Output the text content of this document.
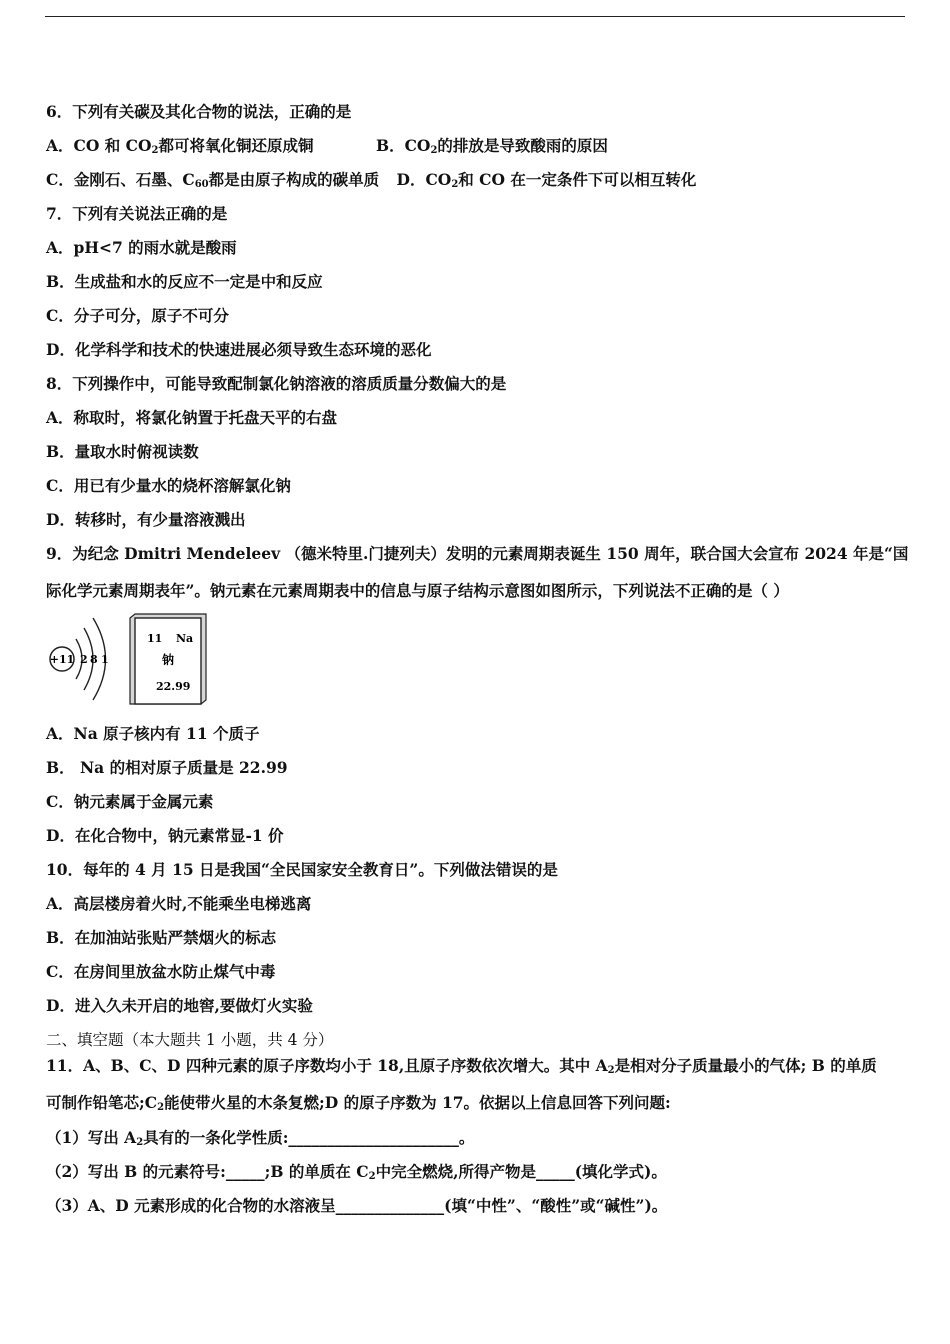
6．下列有关碳及其化合物的说法，正确的是
A．CO 和 $CO_2$都可将氧化铜还原成铜	B．$CO_2$的排放是导致酸雨的原因
C．金刚石、石墨、$C_{60}$都是由原子构成的碳单质 D．$CO_2$和 CO 在一定条件下可以相互转化
7．下列有关说法正确的是
A．pH<7 的雨水就是酸雨
B．生成盐和水的反应不一定是中和反应
C．分子可分，原子不可分
D．化学科学和技术的快速进展必须导致生态环境的恶化
8．下列操作中，可能导致配制氯化钠溶液的溶质质量分数偏大的是
A．称取时，将氯化钠置于托盘天平的右盘
B．量取水时俯视读数
C．用已有少量水的烧杯溶解氯化钠
D．转移时，有少量溶液溅出
9．为纪念 Dmitri Mendeleev （德米特里.门捷列夫）发明的元素周期表诞生 150 周年，联合国大会宣布 2024 年是“国
际化学元素周期表年”。钠元素在元素周期表中的信息与原子结构示意图如图所示，下列说法不正确的是（ ）
+11 2 8 1
11 Na
钠
22.99
A．Na 原子核内有 11 个质子
B． Na 的相对原子质量是 22.99
C．钠元素属于金属元素
D．在化合物中，钠元素常显-1 价
10．每年的 4 月 15 日是我国“全民国家安全教育日”。下列做法错误的是
A．高层楼房着火时,不能乘坐电梯逃离
B．在加油站张贴严禁烟火的标志
C．在房间里放盆水防止煤气中毒
D．进入久未开启的地窖,要做灯火实验
二、填空题（本大题共 1 小题，共 4 分）
11．A、B、C、D 四种元素的原子序数均小于 18,且原子序数依次增大。其中 $A_2$是相对分子质量最小的气体; B 的单质
可制作铅笔芯$;C_2$能使带火星的木条复燃;D 的原子序数为 17。依据以上信息回答下列问题:
（1）写出 $A_2$具有的一条化学性质:______________________。
（2）写出 B 的元素符号:_____;B 的单质在 $C_2$中完全燃烧,所得产物是_____(填化学式)。
（3）A、D 元素形成的化合物的水溶液呈______________(填“中性”、“酸性”或“碱性”)。
